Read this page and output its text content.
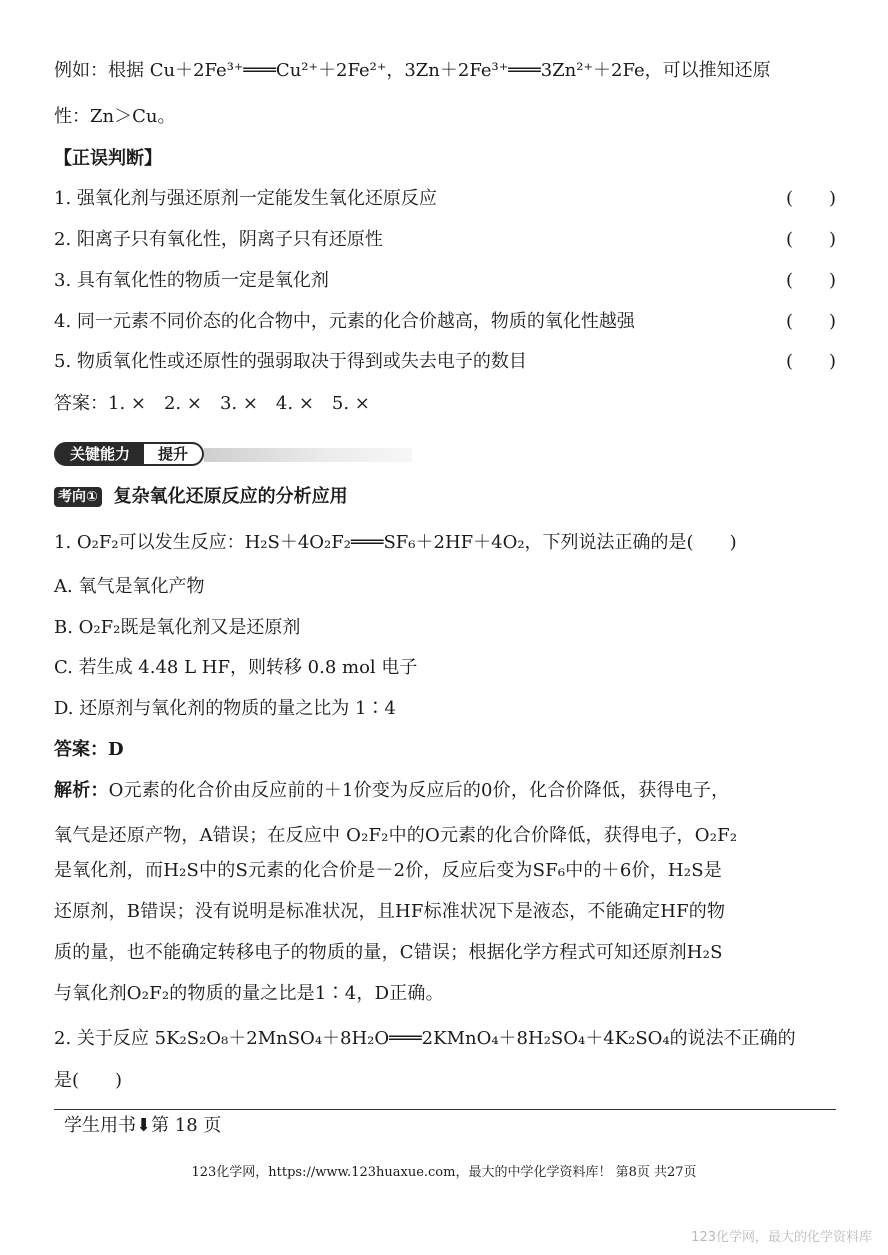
例如：根据 Cu＋2Fe³⁺═══Cu²⁺＋2Fe²⁺，3Zn＋2Fe³⁺═══3Zn²⁺＋2Fe，可以推知还原
性：Zn＞Cu。
【正误判断】
1. 强氧化剂与强还原剂一定能发生氧化还原反应	(　　)
2. 阳离子只有氧化性，阴离子只有还原性	(　　)
3. 具有氧化性的物质一定是氧化剂	(　　)
4. 同一元素不同价态的化合物中，元素的化合价越高，物质的氧化性越强	(　　)
5. 物质氧化性或还原性的强弱取决于得到或失去电子的数目	(　　)
答案：1. ×　2. ×　3. ×　4. ×　5. ×
关键能力	提升
考向① 复杂氧化还原反应的分析应用
1. O₂F₂可以发生反应：H₂S＋4O₂F₂═══SF₆＋2HF＋4O₂，下列说法正确的是(　　)
A. 氧气是氧化产物
B. O₂F₂既是氧化剂又是还原剂
C. 若生成 4.48 L HF，则转移 0.8 mol 电子
D. 还原剂与氧化剂的物质的量之比为 1∶4
答案：D
解析：O元素的化合价由反应前的＋1价变为反应后的0价，化合价降低，获得电子，
氧气是还原产物，A错误；在反应中 O₂F₂中的O元素的化合价降低，获得电子，O₂F₂
是氧化剂，而H₂S中的S元素的化合价是－2价，反应后变为SF₆中的＋6价，H₂S是
还原剂，B错误；没有说明是标准状况，且HF标准状况下是液态，不能确定HF的物
质的量，也不能确定转移电子的物质的量，C错误；根据化学方程式可知还原剂H₂S
与氧化剂O₂F₂的物质的量之比是1∶4，D正确。
2. 关于反应 5K₂S₂O₈＋2MnSO₄＋8H₂O═══2KMnO₄＋8H₂SO₄＋4K₂SO₄的说法不正确的
是(　　)
学生用书⬇第 18 页
123化学网，https://www.123huaxue.com，最大的中学化学资料库！ 第8页 共27页
123化学网，最大的化学资料库
